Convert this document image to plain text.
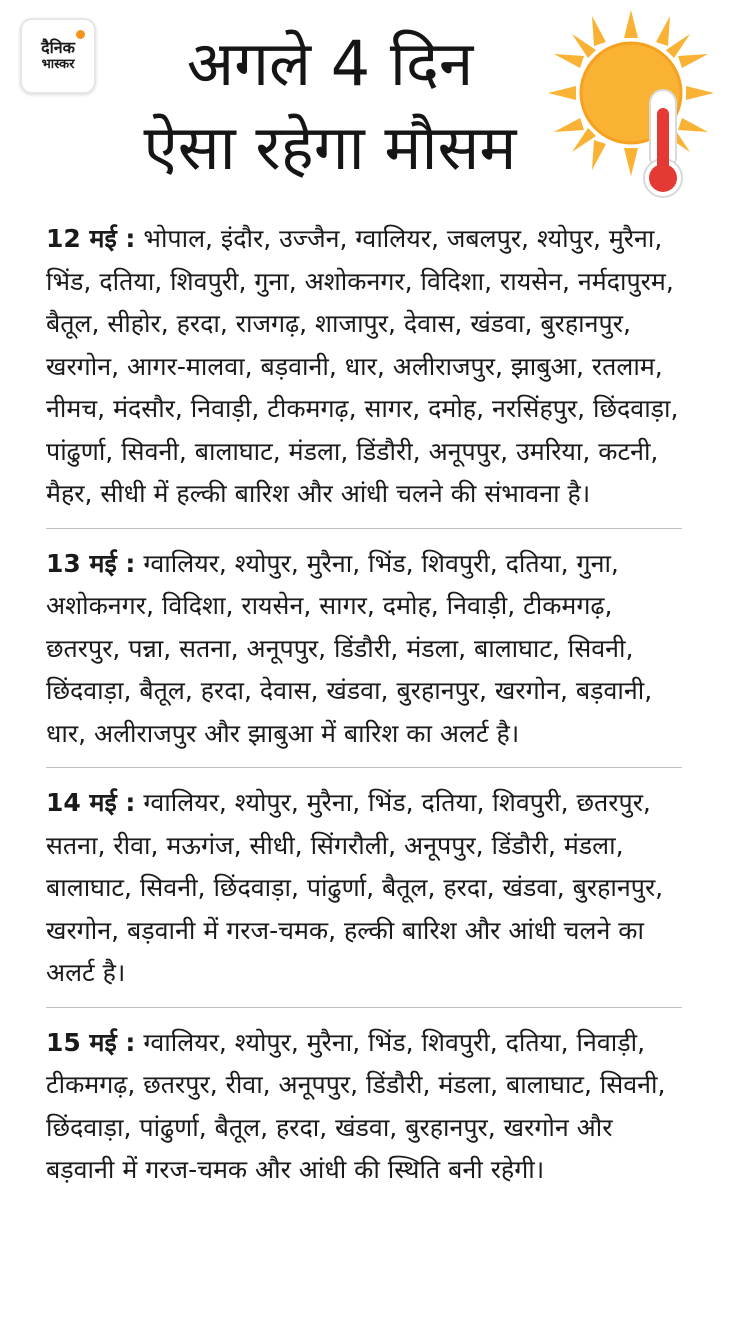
दैनिक
भास्कर	अगले 4 दिन
ऐसा रहेगा मौसम
12 मई : भोपाल, इंदौर, उज्जैन, ग्वालियर, जबलपुर, श्योपुर, मुरैना, भिंड, दतिया, शिवपुरी, गुना, अशोकनगर, विदिशा, रायसेन, नर्मदापुरम, बैतूल, सीहोर, हरदा, राजगढ़, शाजापुर, देवास, खंडवा, बुरहानपुर, खरगोन, आगर-मालवा, बड़वानी, धार, अलीराजपुर, झाबुआ, रतलाम, नीमच, मंदसौर, निवाड़ी, टीकमगढ़, सागर, दमोह, नरसिंहपुर, छिंदवाड़ा, पांढुर्णा, सिवनी, बालाघाट, मंडला, डिंडौरी, अनूपपुर, उमरिया, कटनी, मैहर, सीधी में हल्की बारिश और आंधी चलने की संभावना है।
13 मई : ग्वालियर, श्योपुर, मुरैना, भिंड, शिवपुरी, दतिया, गुना, अशोकनगर, विदिशा, रायसेन, सागर, दमोह, निवाड़ी, टीकमगढ़, छतरपुर, पन्ना, सतना, अनूपपुर, डिंडौरी, मंडला, बालाघाट, सिवनी, छिंदवाड़ा, बैतूल, हरदा, देवास, खंडवा, बुरहानपुर, खरगोन, बड़वानी, धार, अलीराजपुर और झाबुआ में बारिश का अलर्ट है।
14 मई : ग्वालियर, श्योपुर, मुरैना, भिंड, दतिया, शिवपुरी, छतरपुर, सतना, रीवा, मऊगंज, सीधी, सिंगरौली, अनूपपुर, डिंडौरी, मंडला, बालाघाट, सिवनी, छिंदवाड़ा, पांढुर्णा, बैतूल, हरदा, खंडवा, बुरहानपुर, खरगोन, बड़वानी में गरज-चमक, हल्की बारिश और आंधी चलने का अलर्ट है।
15 मई : ग्वालियर, श्योपुर, मुरैना, भिंड, शिवपुरी, दतिया, निवाड़ी, टीकमगढ़, छतरपुर, रीवा, अनूपपुर, डिंडौरी, मंडला, बालाघाट, सिवनी, छिंदवाड़ा, पांढुर्णा, बैतूल, हरदा, खंडवा, बुरहानपुर, खरगोन और बड़वानी में गरज-चमक और आंधी की स्थिति बनी रहेगी।
